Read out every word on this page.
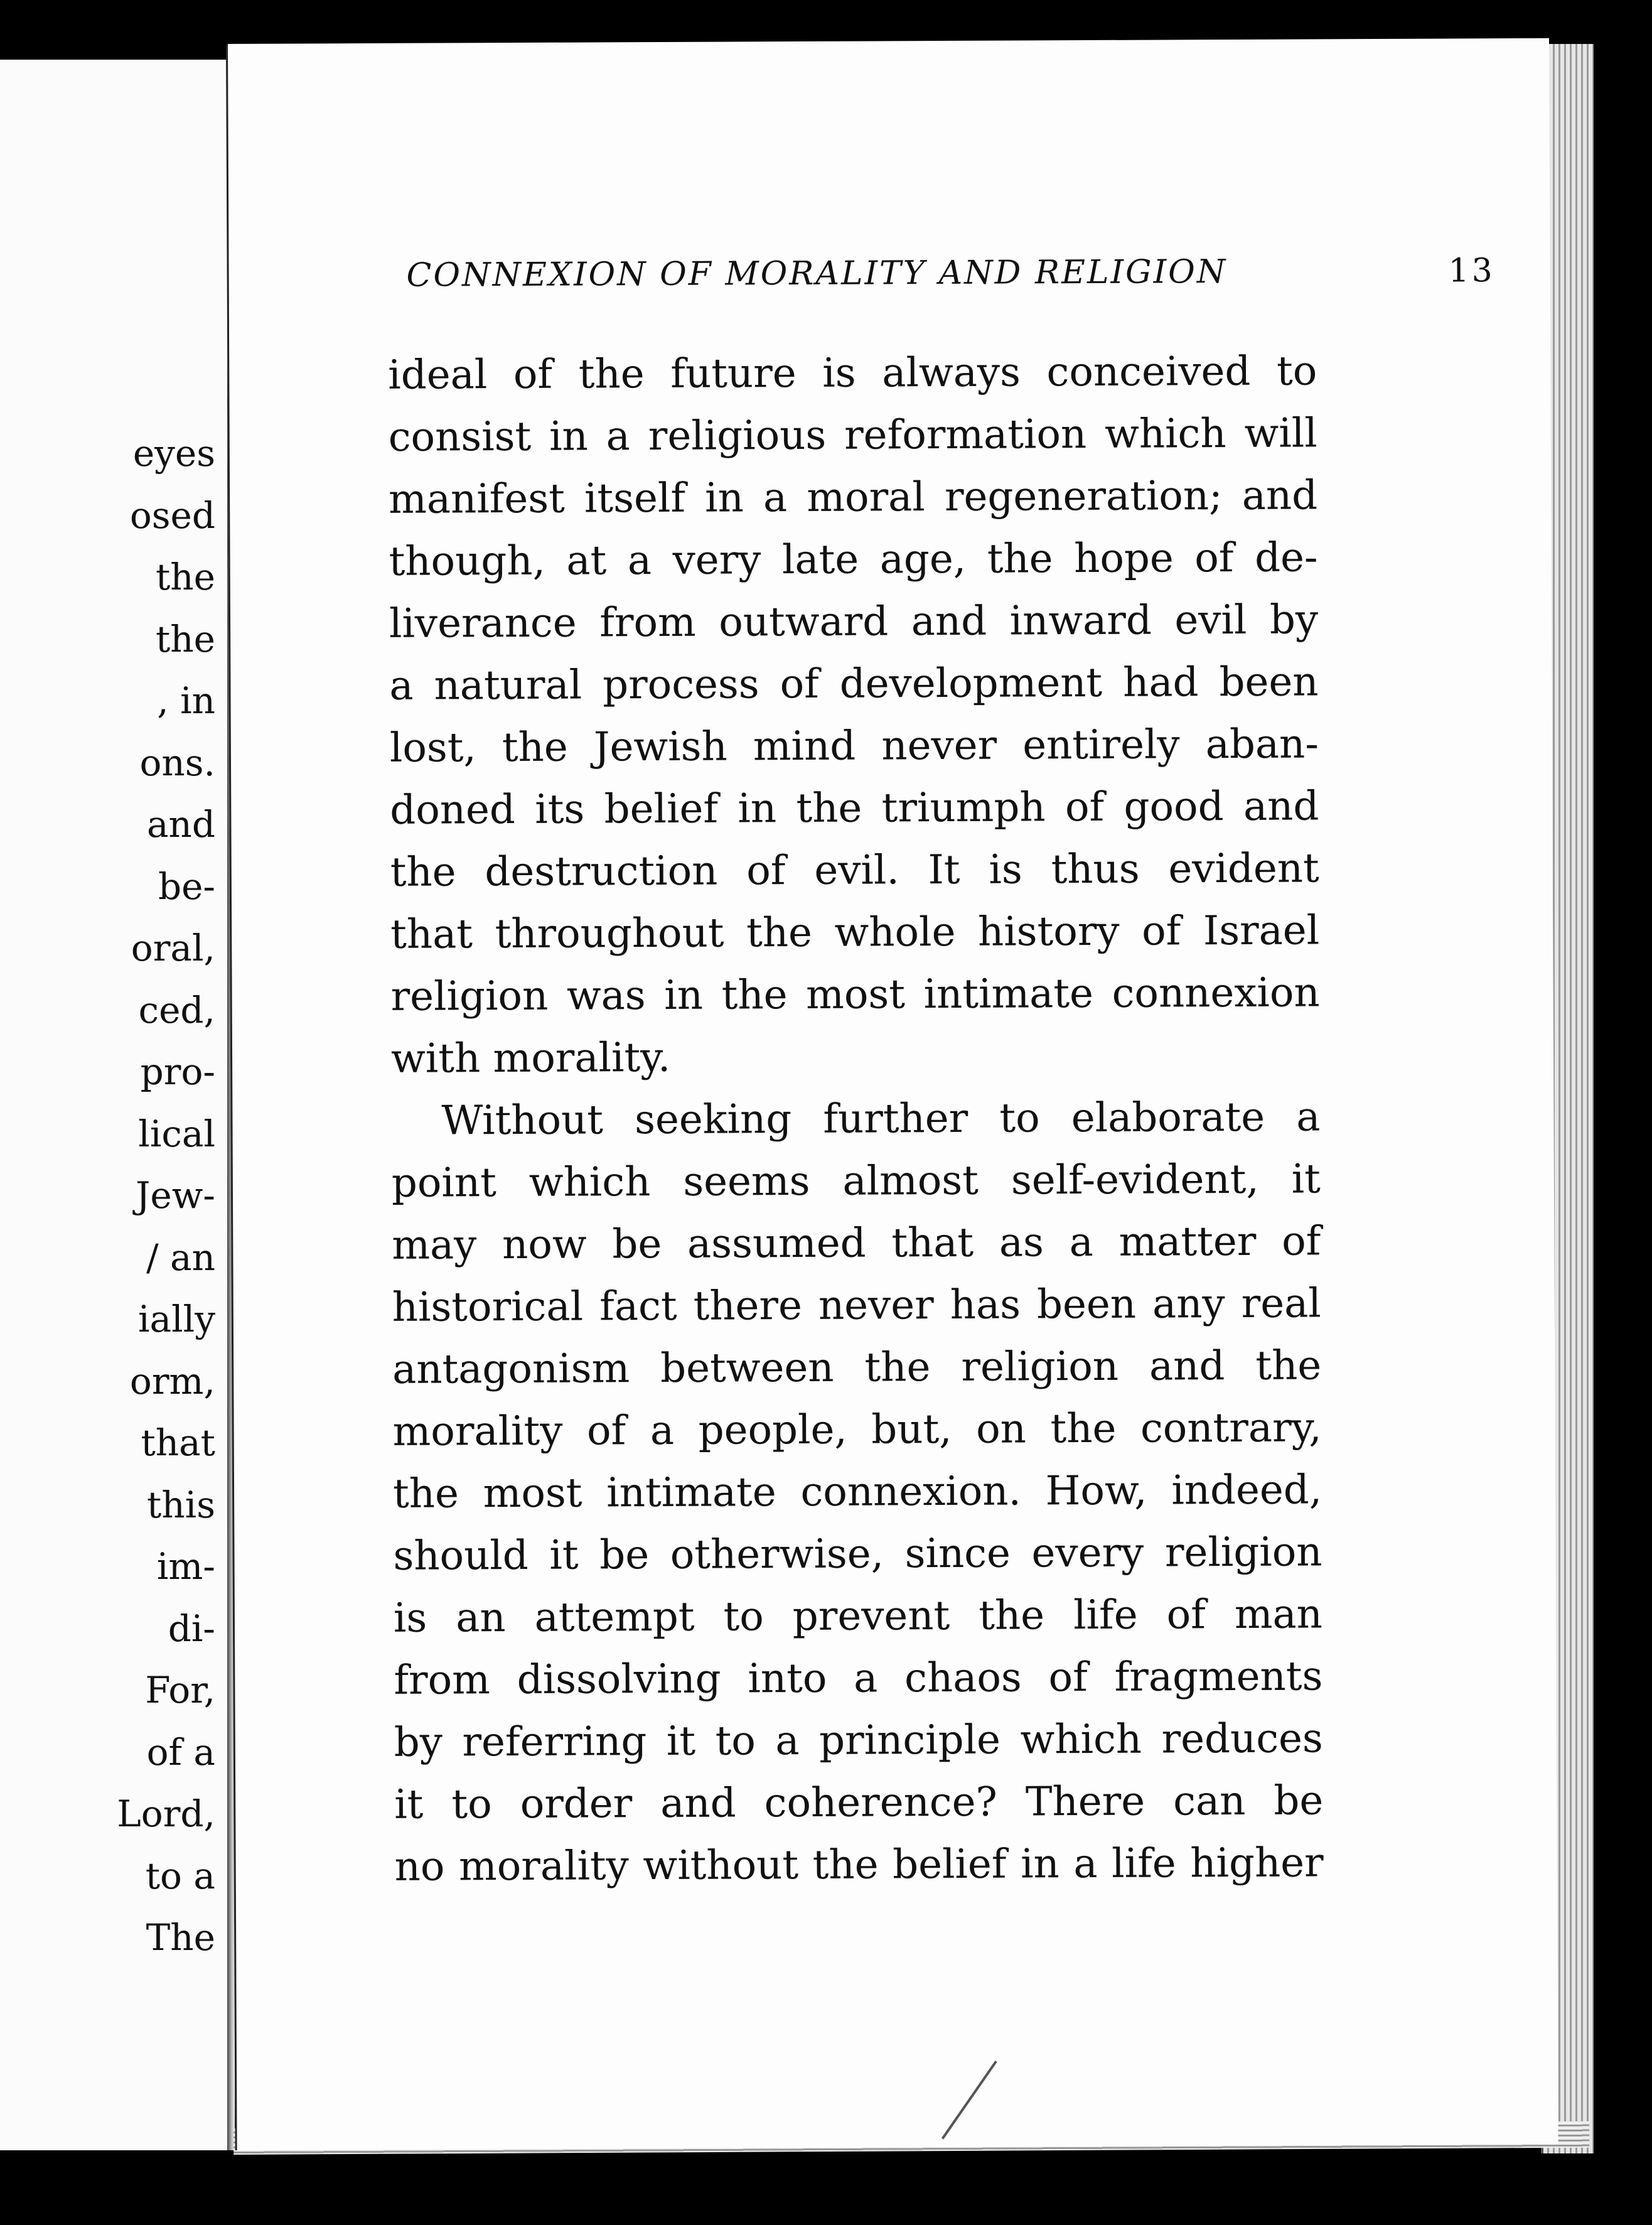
eyes
osed
the
the
, in
ons.
and
be-
oral,
ced,
pro-
lical
Jew-
/ an
ially
orm,
that
this
im-
di-
For,
of a
Lord,
to a
The
CONNEXION OF MORALITY AND RELIGION	13
ideal of the future is always conceived to
consist in a religious reformation which will
manifest itself in a moral regeneration; and
though, at a very late age, the hope of de-
liverance from outward and inward evil by
a natural process of development had been
lost, the Jewish mind never entirely aban-
doned its belief in the triumph of good and
the destruction of evil. It is thus evident
that throughout the whole history of Israel
religion was in the most intimate connexion
with morality.
Without seeking further to elaborate a
point which seems almost self-evident, it
may now be assumed that as a matter of
historical fact there never has been any real
antagonism between the religion and the
morality of a people, but, on the contrary,
the most intimate connexion. How, indeed,
should it be otherwise, since every religion
is an attempt to prevent the life of man
from dissolving into a chaos of fragments
by referring it to a principle which reduces
it to order and coherence? There can be
no morality without the belief in a life higher
